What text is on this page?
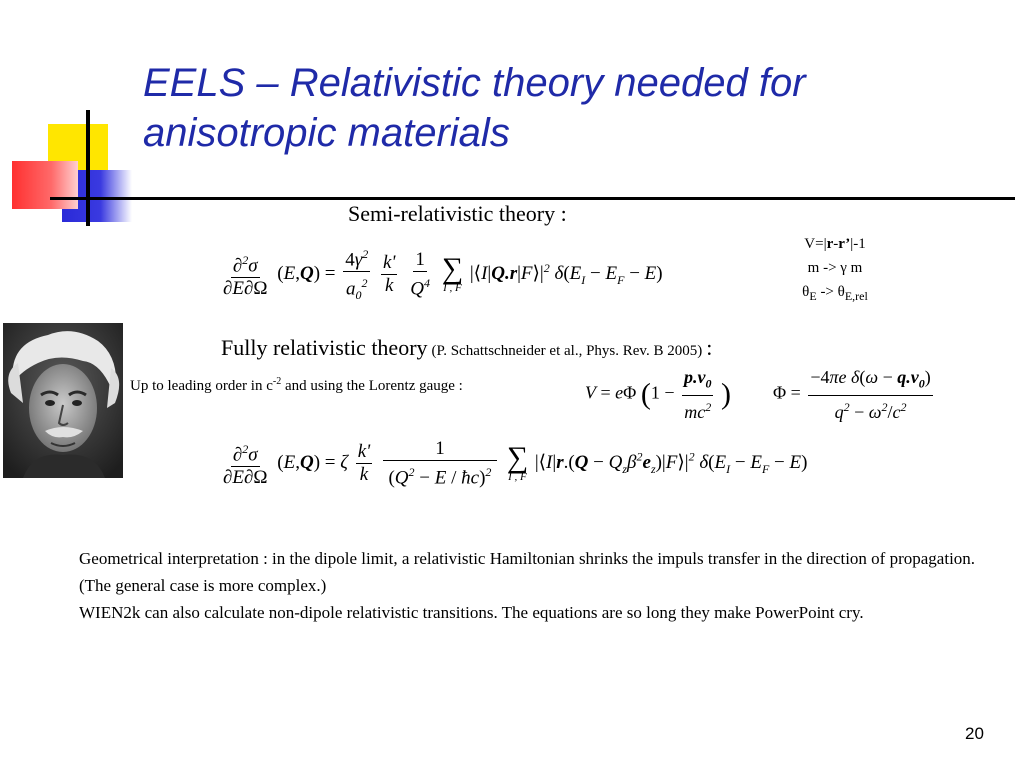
EELS – Relativistic theory needed for anisotropic materials
Semi-relativistic theory :
$\frac{\partial^2\sigma}{\partial E\partial\Omega} (E,Q) = \frac{4\gamma^2}{a_0^2}$
$\frac{k'}{k}$
$\frac{1}{Q^4}$
∑
I , F
$|⟨I|Q.r|F⟩|^2$ $\delta(E_I - E_F - E)$
V=|r-r’|-1
m -> γ m
$\theta_E -> \theta_{E,rel}$
Fully relativistic theory (P. Schattschneider et al., Phys. Rev. B 2005) :
Up to leading order in $c^{-2}$ and using the Lorentz gauge :	V = eΦ ($1 - \frac{p.v_0}{mc^2}$ ) $\Phi = \frac{-4\pi e \delta(\omega - q.v_0)}{q^2 - \omega^2/c^2}$
$\frac{\partial^2\sigma}{\partial E\partial\Omega} (E,Q) = \zeta \frac{k'}{k}$
$\frac{1}{(Q^2 - E / ħc)^2}$
∑
I , F
|⟨I|r.(Q − $Q_z\beta^2e_z)|F⟩|^2$ $\delta(E_I - E_F - E)$
Geometrical interpretation : in the dipole limit, a relativistic Hamiltonian shrinks the impuls transfer in the direction of propagation. (The general case is more complex.)
WIEN2k can also calculate non-dipole relativistic transitions. The equations are so long they make PowerPoint cry.
20
